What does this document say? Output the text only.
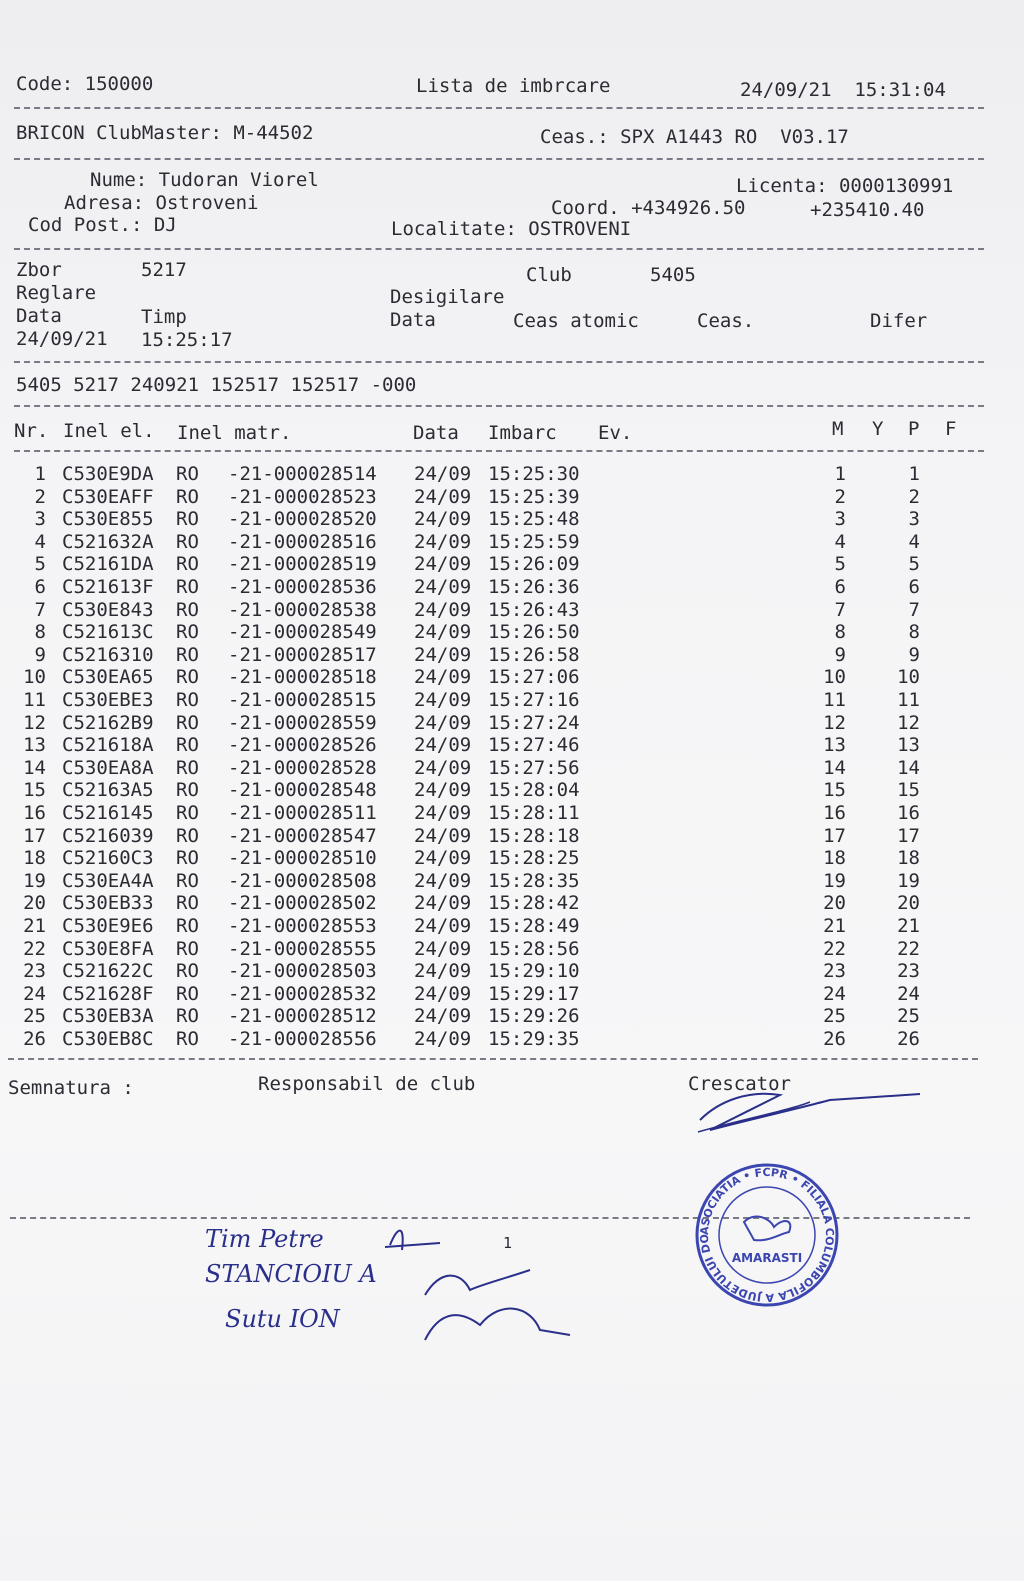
Code: 150000	Lista de imbrcare	24/09/21  15:31:04
BRICON ClubMaster: M-44502	Ceas.: SPX A1443 RO  V03.17
Nume: Tudoran Viorel
Adresa: Ostroveni
Cod Post.: DJ
Licenta: 0000130991
Coord. +434926.50	+235410.40
Localitate: OSTROVENI
Zbor	5217	Club	5405
Reglare	Desigilare
Data	Timp	Data	Ceas atomic	Ceas.	Difer
24/09/21 15:25:17
5405 5217 240921 152517 152517 -000
Nr. Inel el. Inel matr.	Data Imbarc Ev.	M Y P F
1 C530E9DA RO -21-000028514 24/09 15:25:30	1	1
2 C530EAFF RO -21-000028523 24/09 15:25:39	2	2
3 C530E855 RO -21-000028520 24/09 15:25:48	3	3
4 C521632A RO -21-000028516 24/09 15:25:59	4	4
5 C52161DA RO -21-000028519 24/09 15:26:09	5	5
6 C521613F RO -21-000028536 24/09 15:26:36	6	6
7 C530E843 RO -21-000028538 24/09 15:26:43	7	7
8 C521613C RO -21-000028549 24/09 15:26:50	8	8
9 C5216310 RO -21-000028517 24/09 15:26:58	9	9
10 C530EA65 RO -21-000028518 24/09 15:27:06	10	10
11 C530EBE3 RO -21-000028515 24/09 15:27:16	11	11
12 C52162B9 RO -21-000028559 24/09 15:27:24	12	12
13 C521618A RO -21-000028526 24/09 15:27:46	13	13
14 C530EA8A RO -21-000028528 24/09 15:27:56	14	14
15 C52163A5 RO -21-000028548 24/09 15:28:04	15	15
16 C5216145 RO -21-000028511 24/09 15:28:11	16	16
17 C5216039 RO -21-000028547 24/09 15:28:18	17	17
18 C52160C3 RO -21-000028510 24/09 15:28:25	18	18
19 C530EA4A RO -21-000028508 24/09 15:28:35	19	19
20 C530EB33 RO -21-000028502 24/09 15:28:42	20	20
21 C530E9E6 RO -21-000028553 24/09 15:28:49	21	21
22 C530E8FA RO -21-000028555 24/09 15:28:56	22	22
23 C521622C RO -21-000028503 24/09 15:29:10	23	23
24 C521628F RO -21-000028532 24/09 15:29:17	24	24
25 C530EB3A RO -21-000028512 24/09 15:29:26	25	25
26 C530EB8C RO -21-000028556 24/09 15:29:35	26	26
Semnatura :	Responsabil de club	Crescator
1
Tim Petre
STANCIOIU A
Sutu ION
ASOCIATIA • FCPR • FILIALA COLUMBOFILA A JUDETULUI DO
AMARASTI
